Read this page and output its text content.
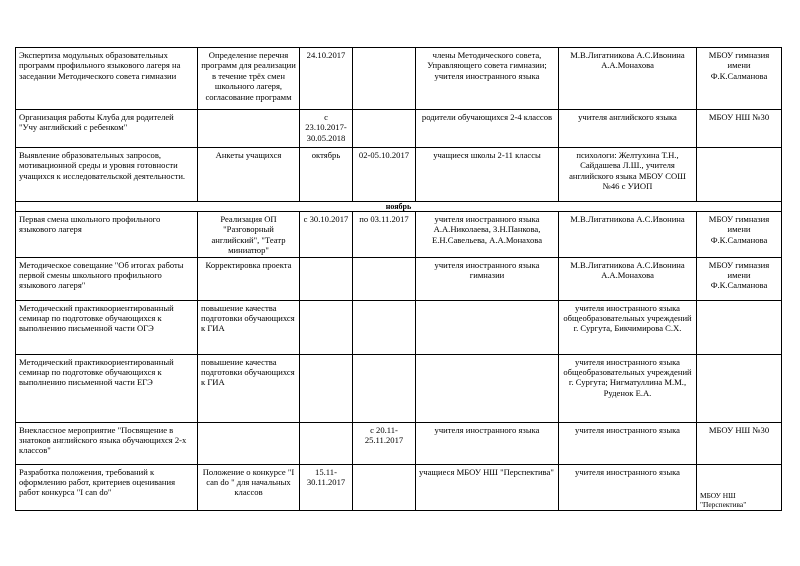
Экспертиза модульных образовательных программ профильного языкового лагеря на заседании Методического совета гимназии	Определение перечня программ для реализации в течение трёх смен школьного лагеря, согласование программ	24.10.2017		члены Методического совета, Управляющего совета гимназии; учителя иностранного языка	М.В.Лигатникова А.С.Ивонина А.А.Монахова	МБОУ гимназия имени Ф.К.Салманова
Организация работы Клуба для родителей "Учу английский с ребенком"		с 23.10.2017-30.05.2018		родители обучающихся 2-4 классов	учителя английского языка	МБОУ НШ №30
Выявление образовательных запросов, мотивационной среды и уровня готовности учащихся к исследовательской деятельности.	Анкеты учащихся	октябрь	02-05.10.2017	учащиеся школы 2-11 классы	психологи: Желтухина Т.Н., Сайдашева Л.Ш., учителя английского языка МБОУ СОШ №46 с УИОП	
ноябрь						
Первая смена школьного профильного языкового лагеря	Реализация ОП "Разговорный английский", "Театр миниатюр"	с 30.10.2017	по 03.11.2017	учителя иностранного языка А.А.Николаева, З.Н.Панкова, Е.Н.Савельева, А.А.Монахова	М.В.Лигатникова А.С.Ивонина	МБОУ гимназия имени Ф.К.Салманова
Методическое совещание "Об итогах работы первой смены школьного профильного языкового лагеря"	Корректировка проекта			учителя иностранного языка гимназии	М.В.Лигатникова А.С.Ивонина А.А.Монахова	МБОУ гимназия имени Ф.К.Салманова
Методический практикоориентированный семинар по подготовке обучающихся к выполнению письменной части ОГЭ	повышение качества подготовки обучающихся к ГИА				учителя иностранного языка общеобразовательных учреждений г. Сургута, Бикчимирова С.Х.	
Методический практикоориентированный семинар по подготовке обучающихся к выполнению письменной части ЕГЭ	повышение качества подготовки обучающихся к ГИА				учителя иностранного языка общеобразовательных учреждений г. Сургута; Нигматуллина М.М., Руденок Е.А.	
Внеклассное мероприятие "Посвящение в знатоков английского языка обучающихся 2-х классов"			с 20.11-25.11.2017	учителя иностранного языка	учителя иностранного языка	МБОУ НШ №30
Разработка положения, требований к оформлению работ, критериев оценивания работ конкурса "I can do"	Положение о конкурсе "I can do " для начальных классов	15.11-30.11.2017		учащиеся МБОУ НШ "Перспектива"	учителя иностранного языка	МБОУ НШ "Перспектива"
